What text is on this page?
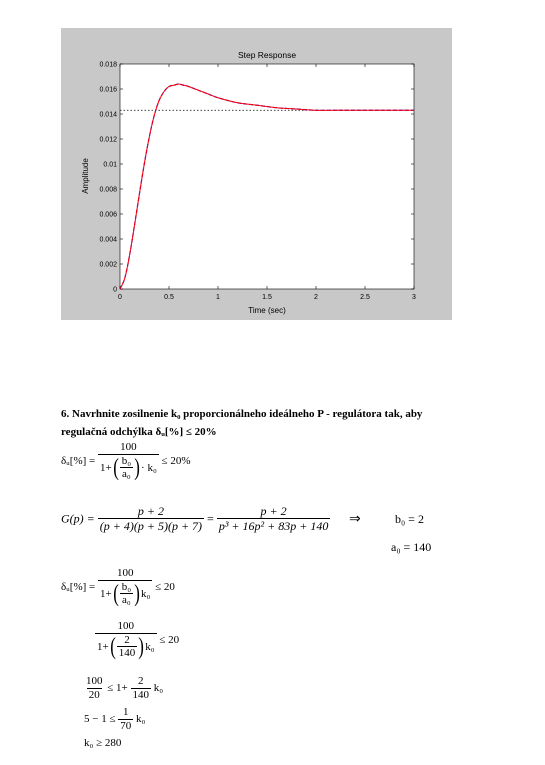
Step Response
Time (sec)
Amplitude
0	0.5	1	1.5	2	2.5	3
0
0.002
0.004
0.006
0.008
0.01
0.012
0.014
0.016
0.018
6. Navrhnite zosilnenie k₀ proporcionálneho ideálneho P - regulátora tak, aby
regulačná odchýlka δᵤ[%] ≤ 20%
δᵤ[%] = $\frac{100}{1+ ( \frac{\text{b₀}}{\text{a₀}} ) \cdot k_0} \le 20\%$
$G(p) = \frac{p + 2}{(p + 4)(p + 5)(p + 7)} = \frac{p + 2}{\text{p³ + 16p² + 83p + 140}}$ ⇒	b₀ = 2
a₀ = 140
δᵤ[%] = $\frac{100}{1+ ( \frac{\text{b₀}}{\text{a₀}} ) k_0} \le 20$
$\frac{100}{1+ ( \frac{2}{140} ) k_0} \le 20$
$\frac{100}{20} \le 1+ \frac{2}{140} k_0$
$5 - 1 \le \frac{1}{70} k_0$
k₀ ≥ 280
